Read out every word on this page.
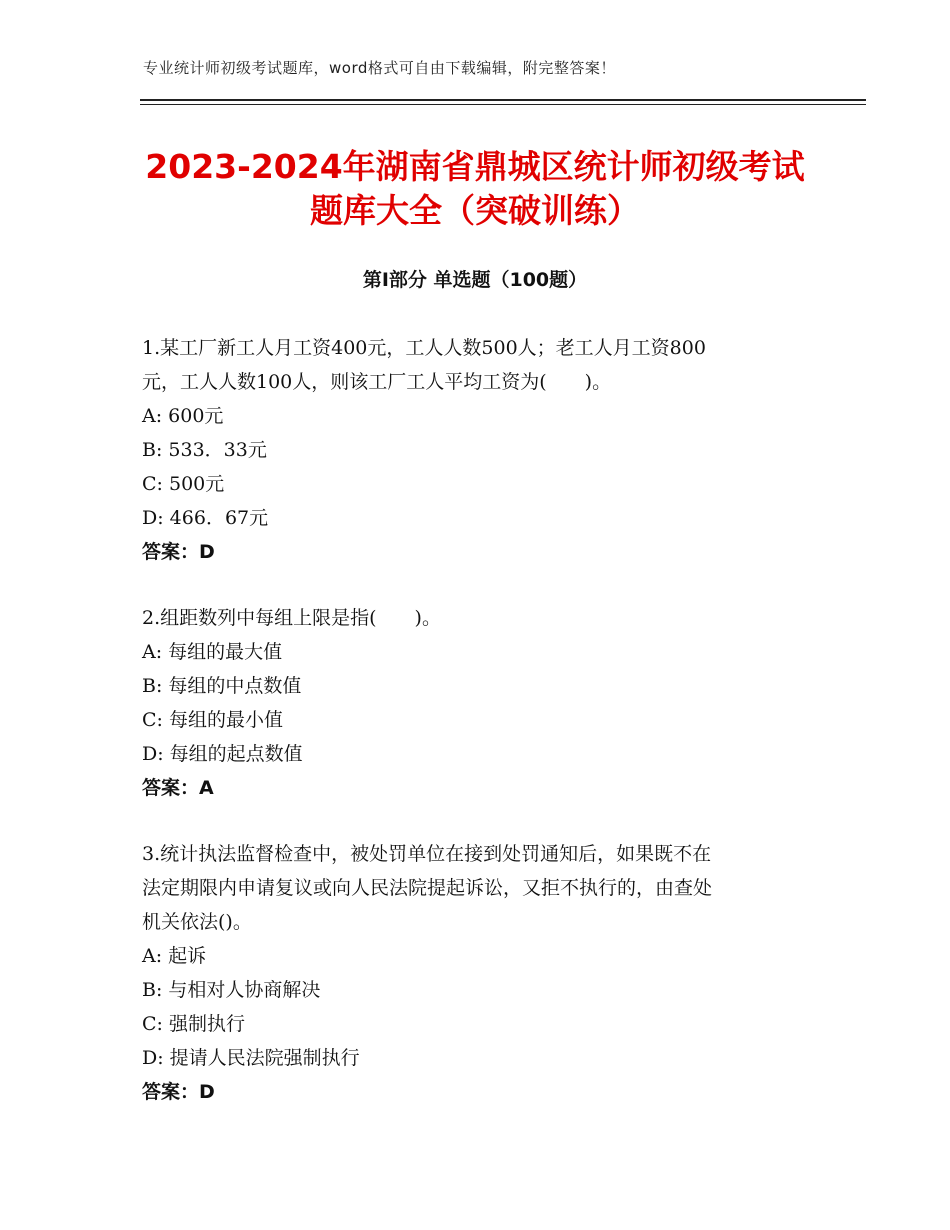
专业统计师初级考试题库，word格式可自由下载编辑，附完整答案！
2023-2024年湖南省鼎城区统计师初级考试
题库大全（突破训练）
第Ⅰ部分 单选题（100题）
1.某工厂新工人月工资400元，工人人数500人；老工人月工资800
元，工人人数100人，则该工厂工人平均工资为(　　)。
A: 600元
B: 533．33元
C: 500元
D: 466．67元
答案：D
2.组距数列中每组上限是指(　　)。
A: 每组的最大值
B: 每组的中点数值
C: 每组的最小值
D: 每组的起点数值
答案：A
3.统计执法监督检查中，被处罚单位在接到处罚通知后，如果既不在
法定期限内申请复议或向人民法院提起诉讼，又拒不执行的，由查处
机关依法()。
A: 起诉
B: 与相对人协商解决
C: 强制执行
D: 提请人民法院强制执行
答案：D
